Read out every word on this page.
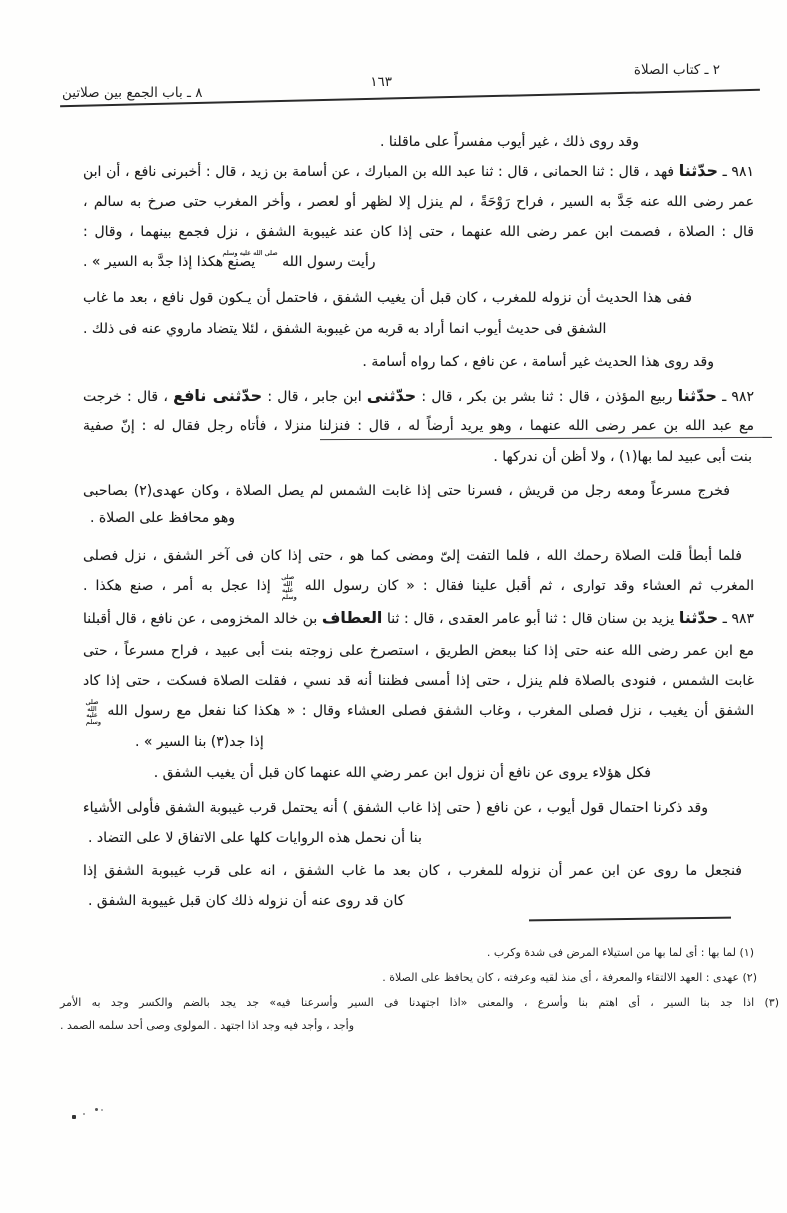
٢ ـ كتاب الصلاة
١٦٣
٨ ـ باب الجمع بين صلاتين
وقد روى ذلك ، غير أيوب مفسراً على ماقلنا .
٩٨١ ـ حدّثنا فهد ، قال : ثنا الحمانى ، قال : ثنا عبد الله بن المبارك ، عن أسامة بن زيد ، قال : أخبرنى نافع ، أن ابن
عمر رضى الله عنه جَدَّ به السير ، فراح رَوْحَةً ، لم ينزل إلا لظهر أو لعصر ، وأخر المغرب حتى صرخ به سالم ،
قال : الصلاة ، فصمت ابن عمر رضى الله عنهما ، حتى إذا كان عند غيبوبة الشفق ، نزل فجمع بينهما ، وقال :
رأيت رسول الله صلى الله عليه وسلم يصنع هكذا إذا جدَّ به السير » .
ففى هذا الحديث أن نزوله للمغرب ، كان قبل أن يغيب الشفق ، فاحتمل أن يـكون قول نافع ، بعد ما غاب
الشفق فى حديث أيوب انما أراد به قربه من غيبوبة الشفق ، لئلا يتضاد ماروي عنه فى ذلك .
وقد روى هذا الحديث غير أسامة ، عن نافع ، كما رواه أسامة .
٩٨٢ ـ حدّثنا ربيع المؤذن ، قال : ثنا بشر بن بكر ، قال : حدّثنى ابن جابر ، قال : حدّثنى نافع ، قال : خرجت
مع عبد الله بن عمر رضى الله عنهما ، وهو يريد أرضاً له ، قال : فنزلنا منزلا ، فأتاه رجل فقال له : إنّ صفية
بنت أبى عبيد لما بها(١) ، ولا أظن أن ندركها .
فخرج مسرعاً ومعه رجل من قريش ، فسرنا حتى إذا غابت الشمس لم يصل الصلاة ، وكان عهدى(٢) بصاحبى
وهو محافظ على الصلاة .
فلما أبطأ قلت الصلاة رحمك الله ، فلما التفت إلىّ ومضى كما هو ، حتى إذا كان فى آخر الشفق ، نزل فصلى
المغرب ثم العشاء وقد توارى ، ثم أقبل علينا فقال : « كان رسول الله صلى الله عليه وسلم إذا عجل به أمر ، صنع هكذا .
٩٨٣ ـ حدّثنا يزيد بن سنان قال : ثنا أبو عامر العقدى ، قال : ثنا العطاف بن خالد المخزومى ، عن نافع ، قال أقبلنا
مع ابن عمر رضى الله عنه حتى إذا كنا ببعض الطريق ، استصرخ على زوجته بنت أبى عبيد ، فراح مسرعاً ، حتى
غابت الشمس ، فنودى بالصلاة فلم ينزل ، حتى إذا أمسى فظننا أنه قد نسي ، فقلت الصلاة فسكت ، حتى إذا كاد
الشفق أن يغيب ، نزل فصلى المغرب ، وغاب الشفق فصلى العشاء وقال : « هكذا كنا نفعل مع رسول الله صلى الله عليه وسلم
إذا جد(٣) بنا السير » .
فكل هؤلاء يروى عن نافع أن نزول ابن عمر رضي الله عنهما كان قبل أن يغيب الشفق .
وقد ذكرنا احتمال قول أيوب ، عن نافع ( حتى إذا غاب الشفق ) أنه يحتمل قرب غيبوبة الشفق فأولى الأشياء
بنا أن نحمل هذه الروايات كلها على الاتفاق لا على التضاد .
فنجعل ما روى عن ابن عمر أن نزوله للمغرب ، كان بعد ما غاب الشفق ، انه على قرب غيبوبة الشفق إذا
كان قد روى عنه أن نزوله ذلك كان قبل غييوبة الشفق .
(١) لما بها : أى لما بها من استيلاء المرض فى شدة وكرب .
(٢) عهدى : العهد الالتقاء والمعرفة ، أى منذ لقيه وعرفته ، كان يحافظ على الصلاة .
(٣) اذا جد بنا السير ، أى اهتم بنا وأسرع ، والمعنى «اذا اجتهدنا فى السير وأسرعنا فيه» جد يجد بالضم والكسر وجد به الأمر
وأجد ، وأجد فيه وجد اذا اجتهد . المولوى وصى أحد سلمه الصمد .
